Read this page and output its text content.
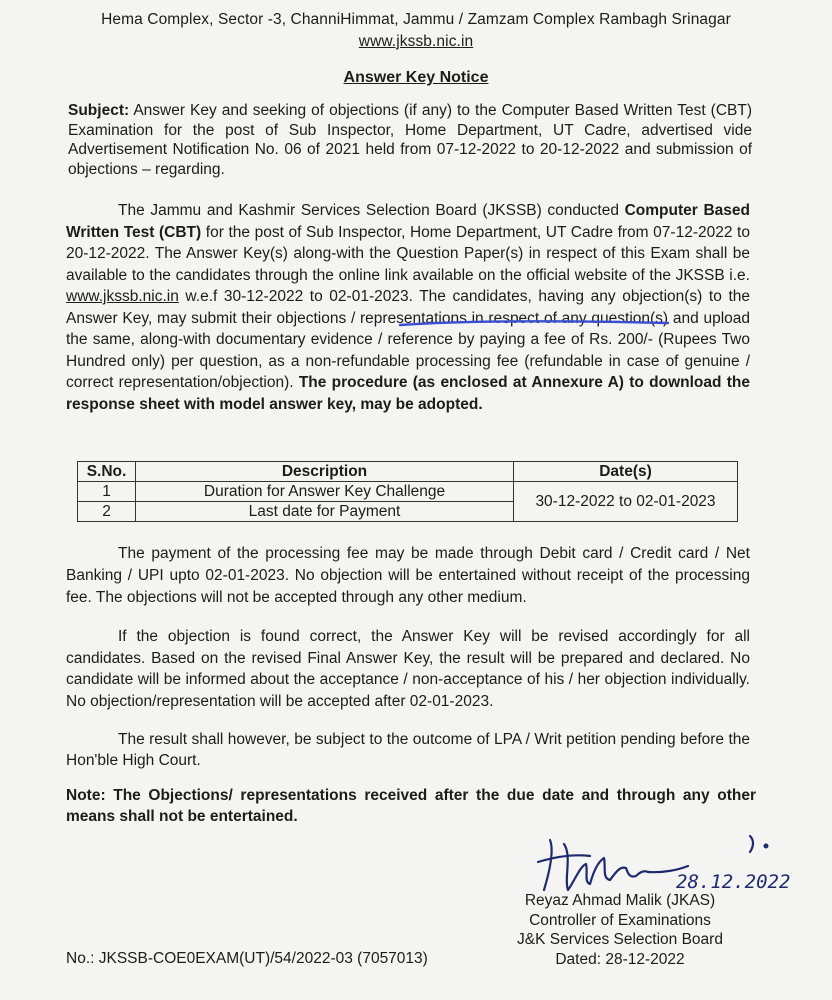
Hema Complex, Sector -3, ChanniHimmat, Jammu / Zamzam Complex Rambagh Srinagar
www.jkssb.nic.in
Answer Key Notice
Subject: Answer Key and seeking of objections (if any) to the Computer Based Written Test (CBT) Examination for the post of Sub Inspector, Home Department, UT Cadre, advertised vide Advertisement Notification No. 06 of 2021 held from 07-12-2022 to 20-12-2022 and submission of objections – regarding.
The Jammu and Kashmir Services Selection Board (JKSSB) conducted Computer Based Written Test (CBT) for the post of Sub Inspector, Home Department, UT Cadre from 07-12-2022 to 20-12-2022. The Answer Key(s) along-with the Question Paper(s) in respect of this Exam shall be available to the candidates through the online link available on the official website of the JKSSB i.e. www.jkssb.nic.in w.e.f 30-12-2022 to 02-01-2023. The candidates, having any objection(s) to the Answer Key, may submit their objections / representations in respect of any question(s) and upload the same, along-with documentary evidence / reference by paying a fee of Rs. 200/- (Rupees Two Hundred only) per question, as a non-refundable processing fee (refundable in case of genuine / correct representation/objection). The procedure (as enclosed at Annexure A) to download the response sheet with model answer key, may be adopted.
S.No.	Description	Date(s)
1	Duration for Answer Key Challenge	30-12-2022 to 02-01-2023
2	Last date for Payment	
The payment of the processing fee may be made through Debit card / Credit card / Net Banking / UPI upto 02-01-2023. No objection will be entertained without receipt of the processing fee. The objections will not be accepted through any other medium.
If the objection is found correct, the Answer Key will be revised accordingly for all candidates. Based on the revised Final Answer Key, the result will be prepared and declared. No candidate will be informed about the acceptance / non-acceptance of his / her objection individually. No objection/representation will be accepted after 02-01-2023.
The result shall however, be subject to the outcome of LPA / Writ petition pending before the Hon'ble High Court.
Note: The Objections/ representations received after the due date and through any other means shall not be entertained.
28.12.2022
Reyaz Ahmad Malik (JKAS)
Controller of Examinations
J&K Services Selection Board
Dated: 28-12-2022
No.: JKSSB-COE0EXAM(UT)/54/2022-03 (7057013)
